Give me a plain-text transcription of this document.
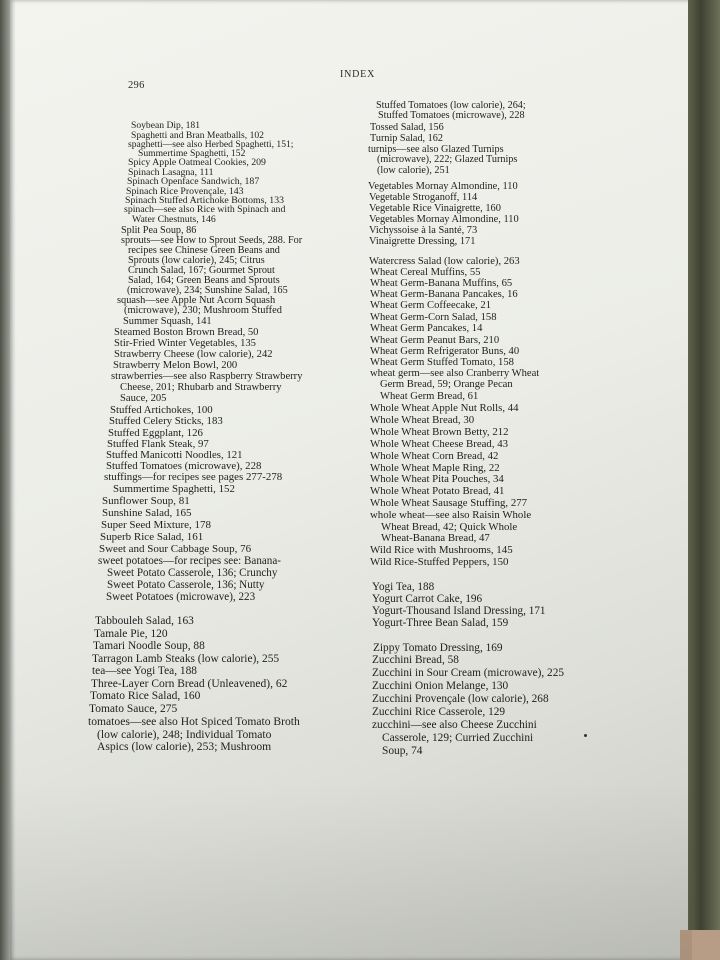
296
INDEX
Soybean Dip, 181
Spaghetti and Bran Meatballs, 102
spaghetti—see also Herbed Spaghetti, 151;
Summertime Spaghetti, 152
Spicy Apple Oatmeal Cookies, 209
Spinach Lasagna, 111
Spinach Openface Sandwich, 187
Spinach Rice Provençale, 143
Spinach Stuffed Artichoke Bottoms, 133
spinach—see also Rice with Spinach and
Water Chestnuts, 146
Split Pea Soup, 86
sprouts—see How to Sprout Seeds, 288. For
recipes see Chinese Green Beans and
Sprouts (low calorie), 245; Citrus
Crunch Salad, 167; Gourmet Sprout
Salad, 164; Green Beans and Sprouts
(microwave), 234; Sunshine Salad, 165
squash—see Apple Nut Acorn Squash
(microwave), 230; Mushroom Stuffed
Summer Squash, 141
Steamed Boston Brown Bread, 50
Stir-Fried Winter Vegetables, 135
Strawberry Cheese (low calorie), 242
Strawberry Melon Bowl, 200
strawberries—see also Raspberry Strawberry
Cheese, 201; Rhubarb and Strawberry
Sauce, 205
Stuffed Artichokes, 100
Stuffed Celery Sticks, 183
Stuffed Eggplant, 126
Stuffed Flank Steak, 97
Stuffed Manicotti Noodles, 121
Stuffed Tomatoes (microwave), 228
stuffings—for recipes see pages 277-278
Summertime Spaghetti, 152
Sunflower Soup, 81
Sunshine Salad, 165
Super Seed Mixture, 178
Superb Rice Salad, 161
Sweet and Sour Cabbage Soup, 76
sweet potatoes—for recipes see: Banana-
Sweet Potato Casserole, 136; Crunchy
Sweet Potato Casserole, 136; Nutty
Sweet Potatoes (microwave), 223
Tabbouleh Salad, 163
Tamale Pie, 120
Tamari Noodle Soup, 88
Tarragon Lamb Steaks (low calorie), 255
tea—see Yogi Tea, 188
Three-Layer Corn Bread (Unleavened), 62
Tomato Rice Salad, 160
Tomato Sauce, 275
tomatoes—see also Hot Spiced Tomato Broth
(low calorie), 248; Individual Tomato
Aspics (low calorie), 253; Mushroom
Stuffed Tomatoes (low calorie), 264;
Stuffed Tomatoes (microwave), 228
Tossed Salad, 156
Turnip Salad, 162
turnips—see also Glazed Turnips
(microwave), 222; Glazed Turnips
(low calorie), 251
Vegetables Mornay Almondine, 110
Vegetable Stroganoff, 114
Vegetable Rice Vinaigrette, 160
Vegetables Mornay Almondine, 110
Vichyssoise à la Santé, 73
Vinaigrette Dressing, 171
Watercress Salad (low calorie), 263
Wheat Cereal Muffins, 55
Wheat Germ-Banana Muffins, 65
Wheat Germ-Banana Pancakes, 16
Wheat Germ Coffeecake, 21
Wheat Germ-Corn Salad, 158
Wheat Germ Pancakes, 14
Wheat Germ Peanut Bars, 210
Wheat Germ Refrigerator Buns, 40
Wheat Germ Stuffed Tomato, 158
wheat germ—see also Cranberry Wheat
Germ Bread, 59; Orange Pecan
Wheat Germ Bread, 61
Whole Wheat Apple Nut Rolls, 44
Whole Wheat Bread, 30
Whole Wheat Brown Betty, 212
Whole Wheat Cheese Bread, 43
Whole Wheat Corn Bread, 42
Whole Wheat Maple Ring, 22
Whole Wheat Pita Pouches, 34
Whole Wheat Potato Bread, 41
Whole Wheat Sausage Stuffing, 277
whole wheat—see also Raisin Whole
Wheat Bread, 42; Quick Whole
Wheat-Banana Bread, 47
Wild Rice with Mushrooms, 145
Wild Rice-Stuffed Peppers, 150
Yogi Tea, 188
Yogurt Carrot Cake, 196
Yogurt-Thousand Island Dressing, 171
Yogurt-Three Bean Salad, 159
Zippy Tomato Dressing, 169
Zucchini Bread, 58
Zucchini in Sour Cream (microwave), 225
Zucchini Onion Melange, 130
Zucchini Provençale (low calorie), 268
Zucchini Rice Casserole, 129
zucchini—see also Cheese Zucchini
Casserole, 129; Curried Zucchini
Soup, 74
